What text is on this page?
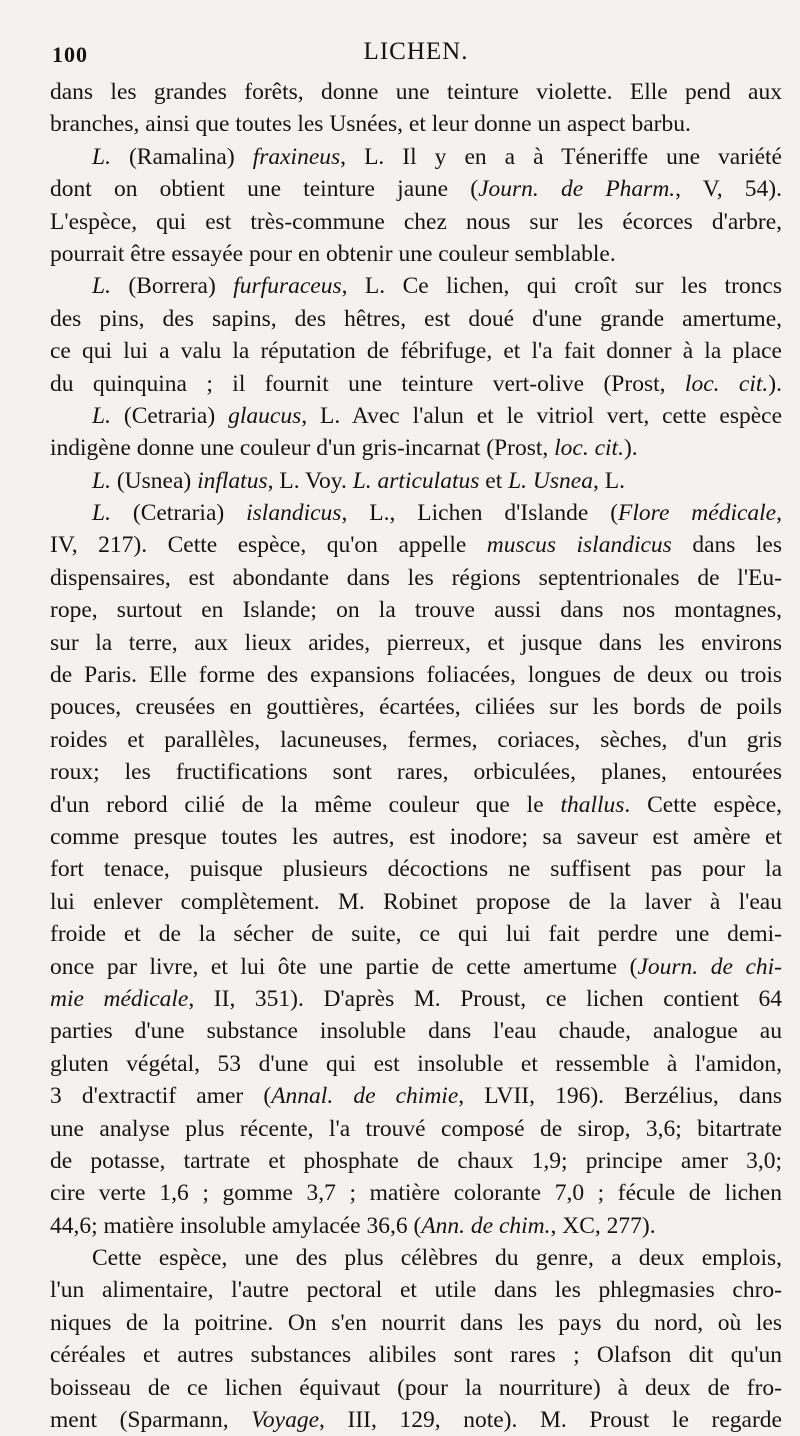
100	LICHEN.
dans les grandes forêts, donne une teinture violette. Elle pend aux
branches, ainsi que toutes les Usnées, et leur donne un aspect barbu.
L. (Ramalina) fraxineus, L. Il y en a à Téneriffe une variété
dont on obtient une teinture jaune (Journ. de Pharm., V, 54).
L'espèce, qui est très-commune chez nous sur les écorces d'arbre,
pourrait être essayée pour en obtenir une couleur semblable.
L. (Borrera) furfuraceus, L. Ce lichen, qui croît sur les troncs
des pins, des sapins, des hêtres, est doué d'une grande amertume,
ce qui lui a valu la réputation de fébrifuge, et l'a fait donner à la place
du quinquina ; il fournit une teinture vert-olive (Prost, loc. cit.).
L. (Cetraria) glaucus, L. Avec l'alun et le vitriol vert, cette espèce
indigène donne une couleur d'un gris-incarnat (Prost, loc. cit.).
L. (Usnea) inflatus, L. Voy. L. articulatus et L. Usnea, L.
L. (Cetraria) islandicus, L., Lichen d'Islande (Flore médicale,
IV, 217). Cette espèce, qu'on appelle muscus islandicus dans les
dispensaires, est abondante dans les régions septentrionales de l'Eu-
rope, surtout en Islande; on la trouve aussi dans nos montagnes,
sur la terre, aux lieux arides, pierreux, et jusque dans les environs
de Paris. Elle forme des expansions foliacées, longues de deux ou trois
pouces, creusées en gouttières, écartées, ciliées sur les bords de poils
roides et parallèles, lacuneuses, fermes, coriaces, sèches, d'un gris
roux; les fructifications sont rares, orbiculées, planes, entourées
d'un rebord cilié de la même couleur que le thallus. Cette espèce,
comme presque toutes les autres, est inodore; sa saveur est amère et
fort tenace, puisque plusieurs décoctions ne suffisent pas pour la
lui enlever complètement. M. Robinet propose de la laver à l'eau
froide et de la sécher de suite, ce qui lui fait perdre une demi-
once par livre, et lui ôte une partie de cette amertume (Journ. de chi-
mie médicale, II, 351). D'après M. Proust, ce lichen contient 64
parties d'une substance insoluble dans l'eau chaude, analogue au
gluten végétal, 53 d'une qui est insoluble et ressemble à l'amidon,
3 d'extractif amer (Annal. de chimie, LVII, 196). Berzélius, dans
une analyse plus récente, l'a trouvé composé de sirop, 3,6; bitartrate
de potasse, tartrate et phosphate de chaux 1,9; principe amer 3,0;
cire verte 1,6 ; gomme 3,7 ; matière colorante 7,0 ; fécule de lichen
44,6; matière insoluble amylacée 36,6 (Ann. de chim., XC, 277).
Cette espèce, une des plus célèbres du genre, a deux emplois,
l'un alimentaire, l'autre pectoral et utile dans les phlegmasies chro-
niques de la poitrine. On s'en nourrit dans les pays du nord, où les
céréales et autres substances alibiles sont rares ; Olafson dit qu'un
boisseau de ce lichen équivaut (pour la nourriture) à deux de fro-
ment (Sparmann, Voyage, III, 129, note). M. Proust le regarde
